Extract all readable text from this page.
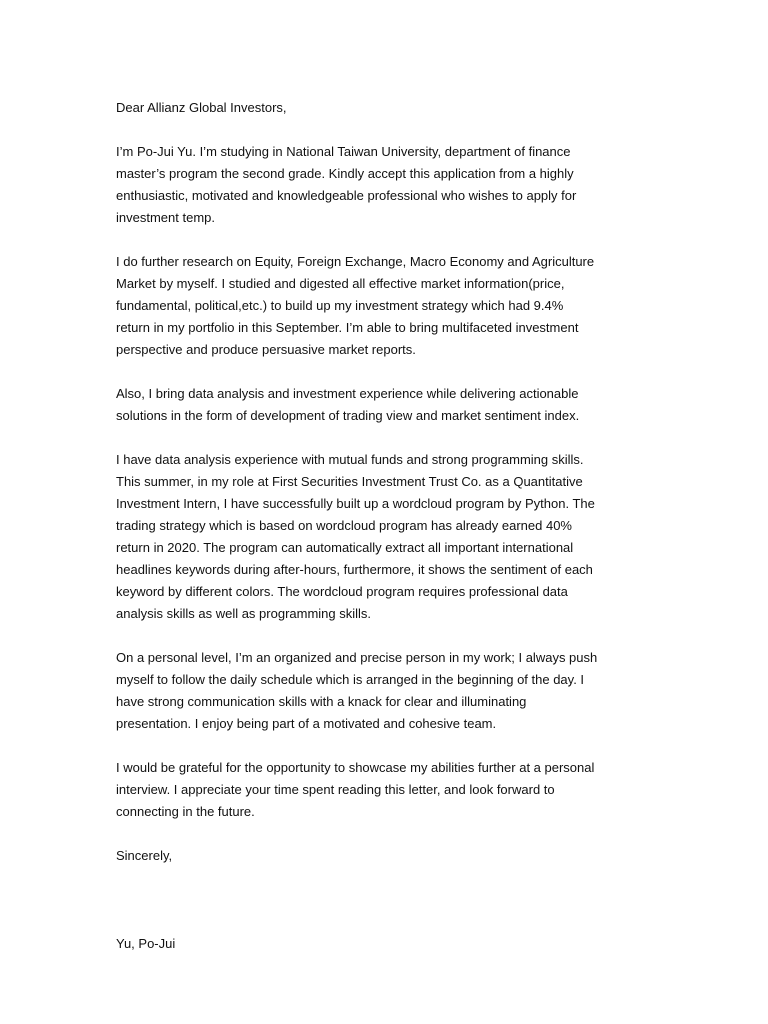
Dear Allianz Global Investors,
I’m Po-Jui Yu. I’m studying in National Taiwan University, department of finance
master’s program the second grade. Kindly accept this application from a highly
enthusiastic, motivated and knowledgeable professional who wishes to apply for
investment temp.
I do further research on Equity, Foreign Exchange, Macro Economy and Agriculture
Market by myself. I studied and digested all effective market information(price,
fundamental, political,etc.) to build up my investment strategy which had 9.4%
return in my portfolio in this September. I’m able to bring multifaceted investment
perspective and produce persuasive market reports.
Also, I bring data analysis and investment experience while delivering actionable
solutions in the form of development of trading view and market sentiment index.
I have data analysis experience with mutual funds and strong programming skills.
This summer, in my role at First Securities Investment Trust Co. as a Quantitative
Investment Intern, I have successfully built up a wordcloud program by Python. The
trading strategy which is based on wordcloud program has already earned 40%
return in 2020. The program can automatically extract all important international
headlines keywords during after-hours, furthermore, it shows the sentiment of each
keyword by different colors. The wordcloud program requires professional data
analysis skills as well as programming skills.
On a personal level, I’m an organized and precise person in my work; I always push
myself to follow the daily schedule which is arranged in the beginning of the day. I
have strong communication skills with a knack for clear and illuminating
presentation. I enjoy being part of a motivated and cohesive team.
I would be grateful for the opportunity to showcase my abilities further at a personal
interview. I appreciate your time spent reading this letter, and look forward to
connecting in the future.
Sincerely,
Yu, Po-Jui
